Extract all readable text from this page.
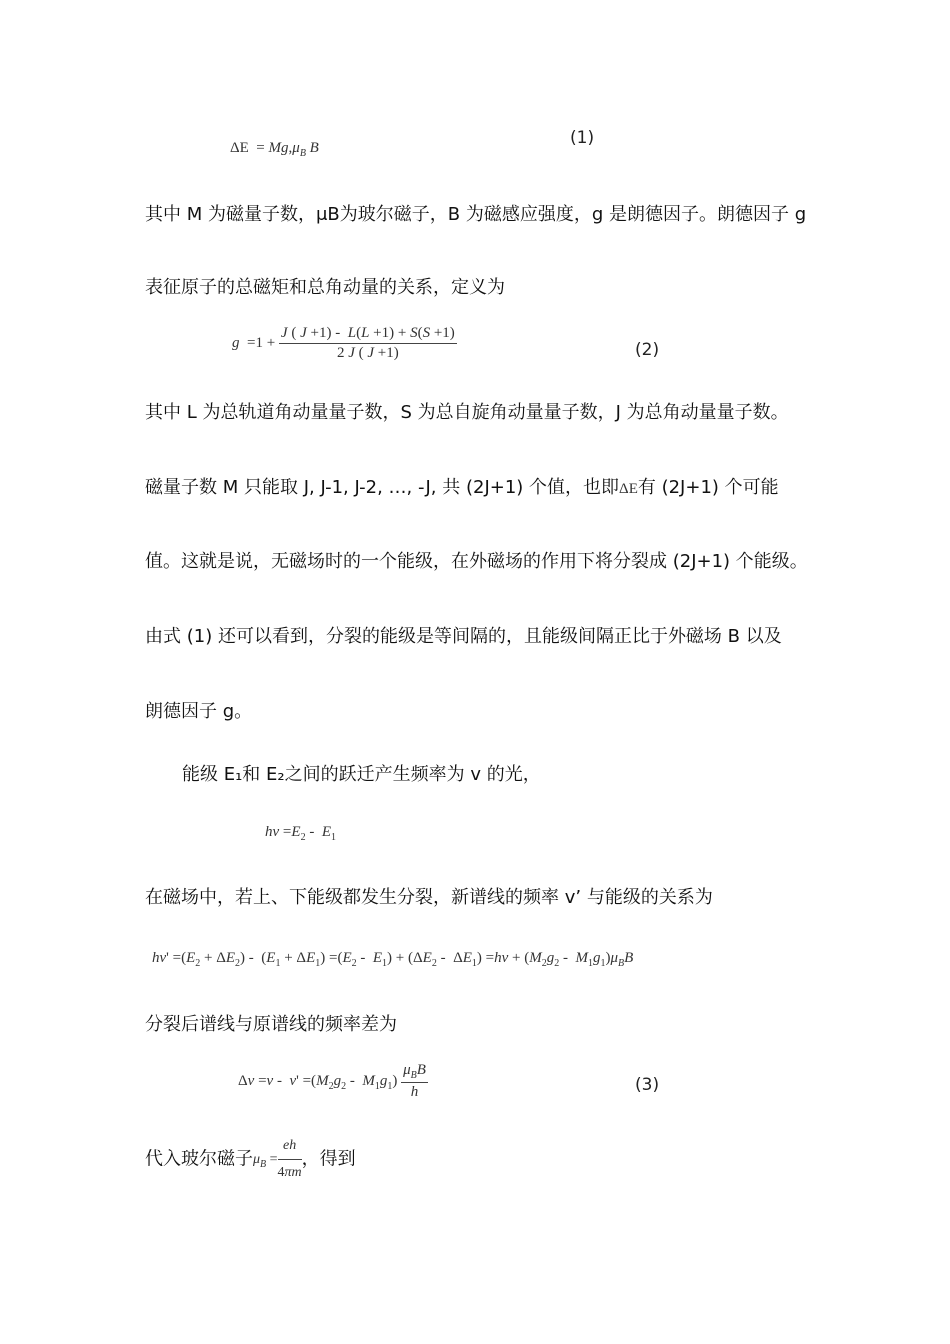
$\Delta E = Mg,\mu_B$ B	(1)
其中 M 为磁量子数，μB为玻尔磁子，B 为磁感应强度，g 是朗德因子。朗德因子 g
表征原子的总磁矩和总角动量的关系，定义为
$g =1 + \frac{J ( J +1) - L(L +1) + S(S +1)}{2 J ( J +1)}$	(2)
其中 L 为总轨道角动量量子数，S 为总自旋角动量量子数，J 为总角动量量子数。
磁量子数 M 只能取 J, J-1, J-2, …, -J, 共 (2J+1) 个值，也即ΔE有 (2J+1) 个可能
值。这就是说，无磁场时的一个能级，在外磁场的作用下将分裂成 (2J+1) 个能级。
由式 (1) 还可以看到，分裂的能级是等间隔的，且能级间隔正比于外磁场 B 以及
朗德因子 g。
能级 E₁和 E₂之间的跃迁产生频率为 v 的光，
hv $=E_2 - E_1$
在磁场中，若上、下能级都发生分裂，新谱线的频率 v’ 与能级的关系为
$hv' =(E_2 + \Delta E_2) - (E_1 + \Delta E_1) =(E_2 - E_1) + (\Delta E_2 - \Delta E_1) =hv + (M_2g_2 - M_1g_1)\mu_BB$
分裂后谱线与原谱线的频率差为
$\Delta v =v - v' =(M_2g_2 - M_1g_1) \frac{\mu_BB}{h}$	(3)
代入玻尔磁子$\mu_B = \frac{eh}{4\pi m}$ ，得到
